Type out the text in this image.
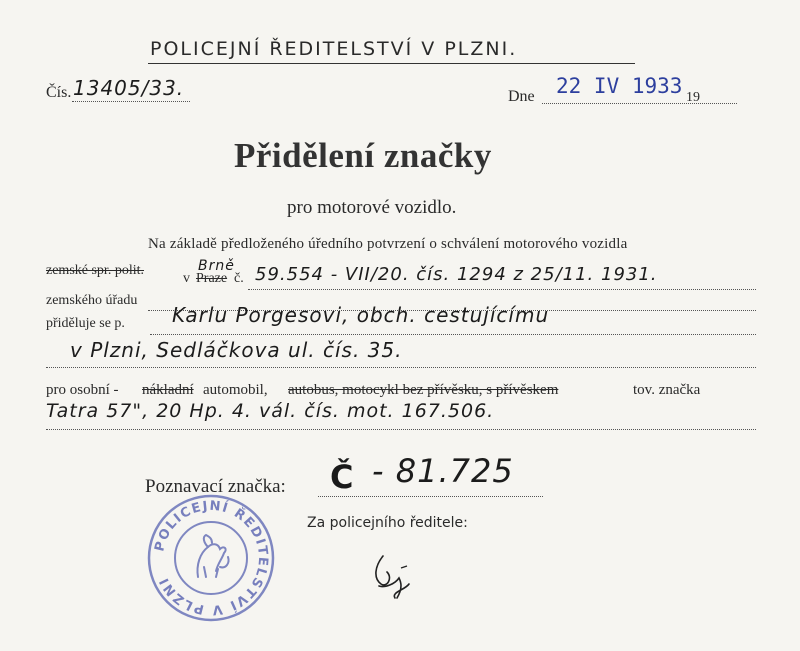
POLICEJNÍ ŘEDITELSTVÍ V PLZNI.
Čís. 13405/33.	Dne 22 IV 1933 19
Přidělení značky
pro motorové vozidlo.
Na základě předloženého úředního potvrzení o schválení motorového vozidla
zemské spr. polit.
v Praze
Brně
č. 59.554 - VII/20. čís. 1294 z 25/11. 1931.
zemského úřadu
přiděluje se p. Karlu Porgesovi, obch. cestujícímu
v Plzni, Sedláčkova ul. čís. 35.
pro osobní - nákladní automobil, autobus, motocykl bez přívěsku, s přívěskem	tov. značka
Tatra 57", 20 Hp. 4. vál. čís. mot. 167.506.
Poznavací značka: Č - 81.725
Za policejního ředitele:
POLICEJNÍ ŘEDITELSTVÍ V PLZNI
